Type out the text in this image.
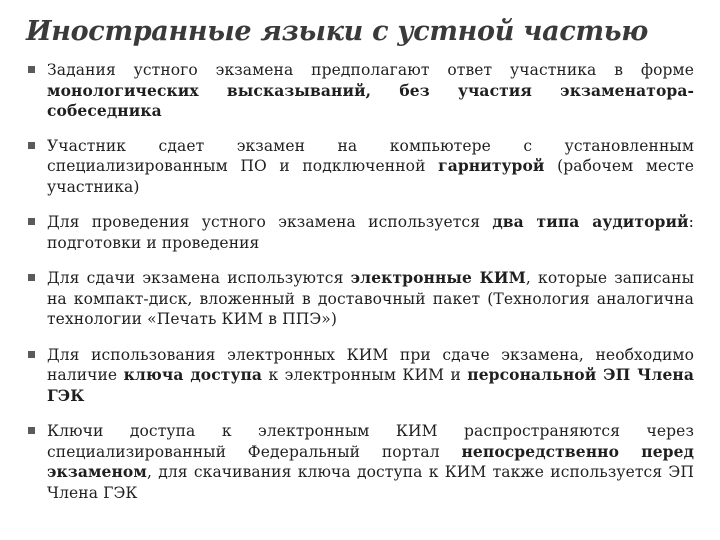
Иностранные языки с устной частью
Задания устного экзамена предполагают ответ участника в форме монологических высказываний, без участия экзаменатора-собеседника
Участник сдает экзамен на компьютере с установленным специализированным ПО и подключенной гарнитурой (рабочем месте участника)
Для проведения устного экзамена используется два типа аудиторий: подготовки и проведения
Для сдачи экзамена используются электронные КИМ, которые записаны на компакт-диск, вложенный в доставочный пакет (Технология аналогична технологии «Печать КИМ в ППЭ»)
Для использования электронных КИМ при сдаче экзамена, необходимо наличие ключа доступа к электронным КИМ и персональной ЭП Члена ГЭК
Ключи доступа к электронным КИМ распространяются через специализированный Федеральный портал непосредственно перед экзаменом, для скачивания ключа доступа к КИМ также используется ЭП Члена ГЭК
